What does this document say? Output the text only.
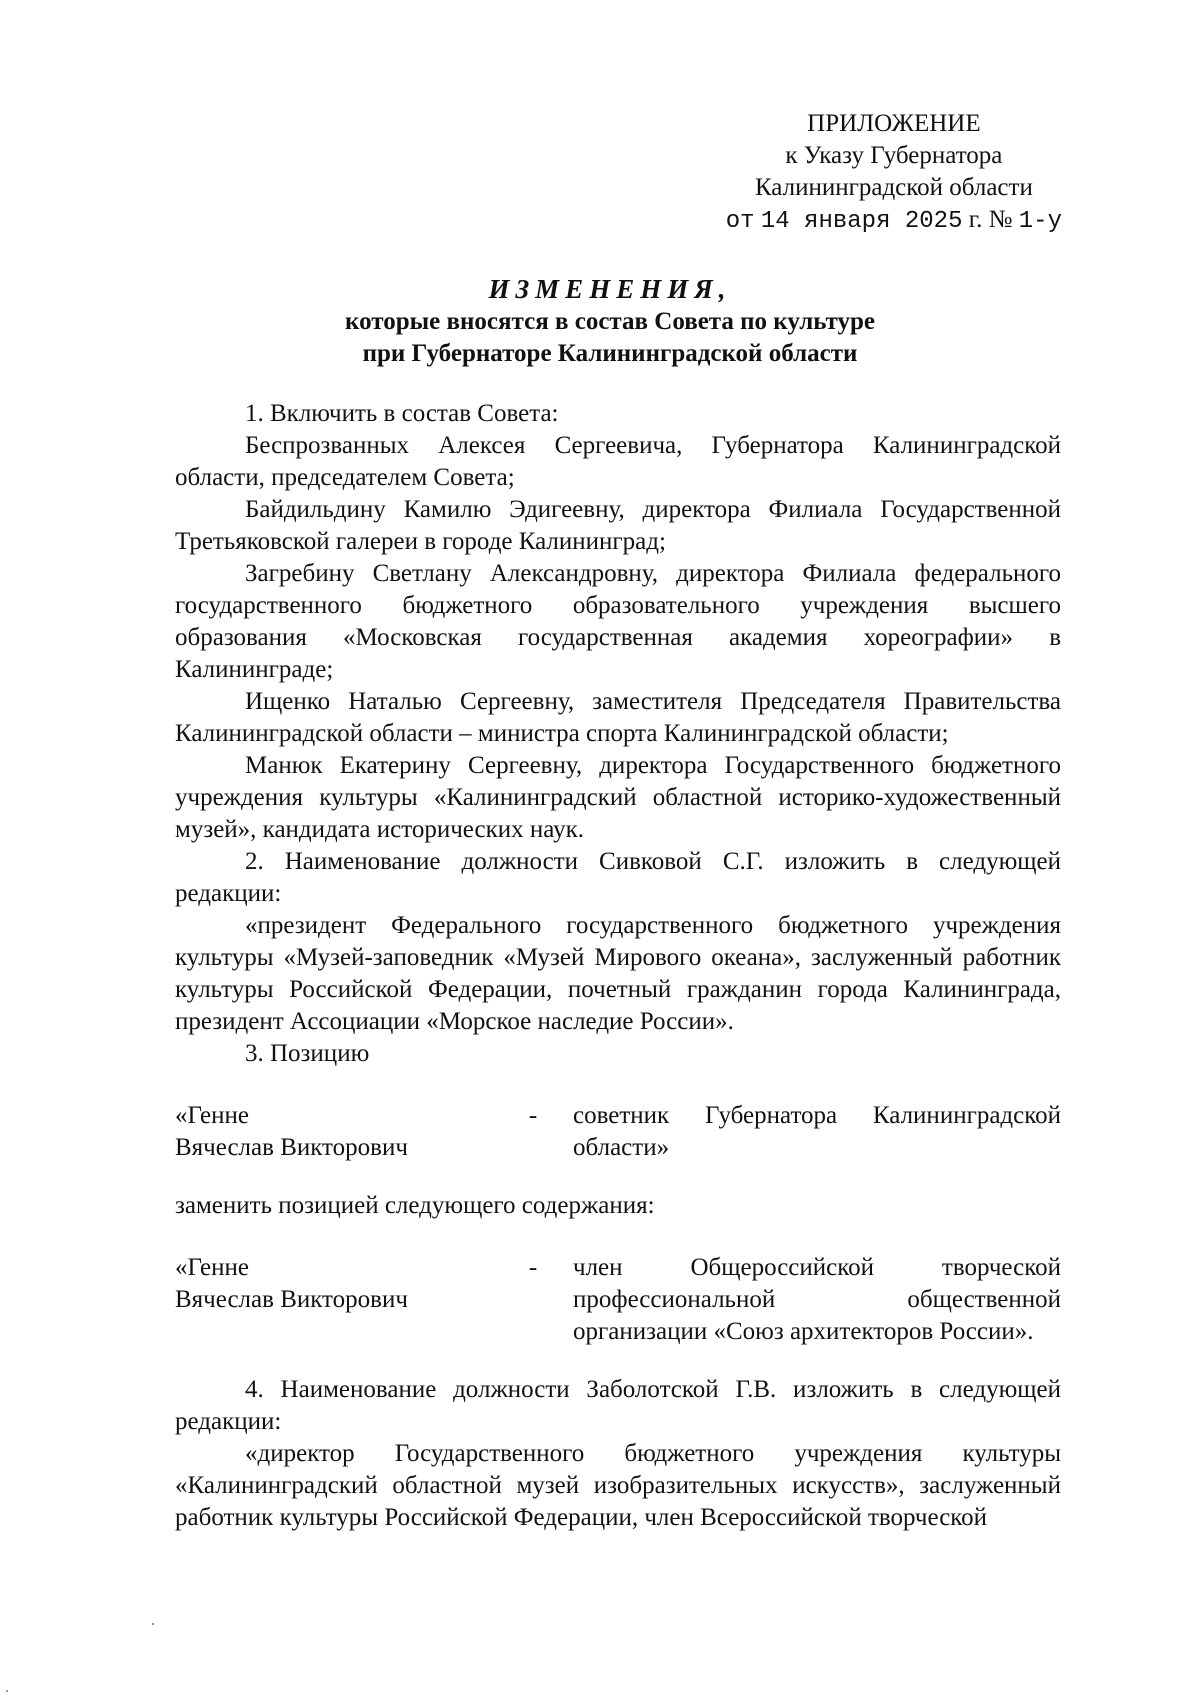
ПРИЛОЖЕНИЕ
к Указу Губернатора
Калининградской области
от 14 января 2025 г. № 1-у
ИЗМЕНЕНИЯ,
которые вносятся в состав Совета по культуре
при Губернаторе Калининградской области

1. Включить в состав Совета:

Беспрозванных Алексея Сергеевича, Губернатора Калининградской области, председателем Совета;

Байдильдину Камилю Эдигеевну, директора Филиала Государственной Третьяковской галереи в городе Калининград;

Загребину Светлану Александровну, директора Филиала федерального государственного бюджетного образовательного учреждения высшего образования «Московская государственная академия хореографии» в Калининграде;

Ищенко Наталью Сергеевну, заместителя Председателя Правительства Калининградской области – министра спорта Калининградской области;

Манюк Екатерину Сергеевну, директора Государственного бюджетного учреждения культуры «Калининградский областной историко-художественный музей», кандидата исторических наук.

2. Наименование должности Сивковой С.Г. изложить в следующей редакции:

«президент Федерального государственного бюджетного учреждения культуры «Музей-заповедник «Музей Мирового океана», заслуженный работник культуры Российской Федерации, почетный гражданин города Калининграда, президент Ассоциации «Морское наследие России».

3. Позицию

«Генне
Вячеслав Викторович
- советник Губернатора Калининградской области»

заменить позицией следующего содержания:

«Генне
Вячеслав Викторович
- член Общероссийской творческой профессиональной общественной организации «Союз архитекторов России».

4. Наименование должности Заболотской Г.В. изложить в следующей редакции:

«директор Государственного бюджетного учреждения культуры «Калининградский областной музей изобразительных искусств», заслуженный работник культуры Российской Федерации, член Всероссийской творческой
